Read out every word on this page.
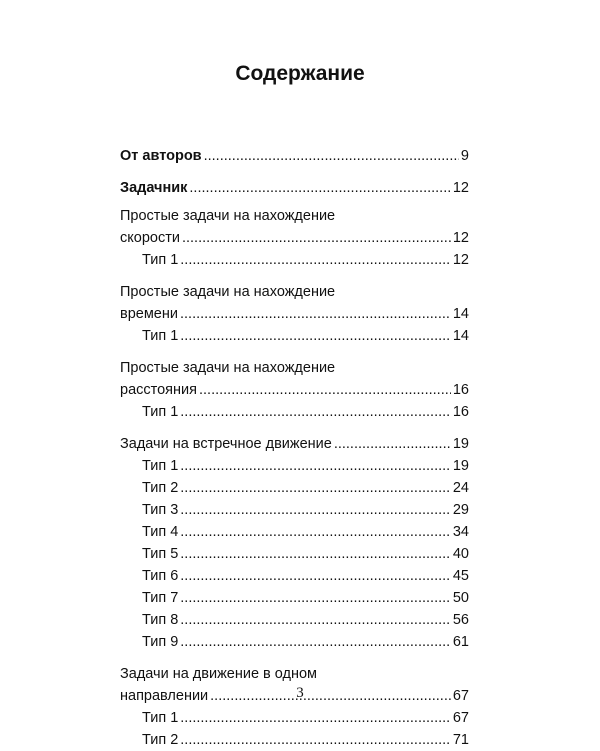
Содержание
От авторов .....	9
Задачник .....	12
Простые задачи на нахождение
скорости .....	12
Тип 1 .....	12
Простые задачи на нахождение
времени .....	14
Тип 1 .....	14
Простые задачи на нахождение
расстояния .....	16
Тип 1 .....	16
Задачи на встречное движение .....	19
Тип 1 .....	19
Тип 2 .....	24
Тип 3 .....	29
Тип 4 .....	34
Тип 5 .....	40
Тип 6 .....	45
Тип 7 .....	50
Тип 8 .....	56
Тип 9 .....	61
Задачи на движение в одном
направлении .....	67
Тип 1 .....	67
Тип 2 .....	71
3
